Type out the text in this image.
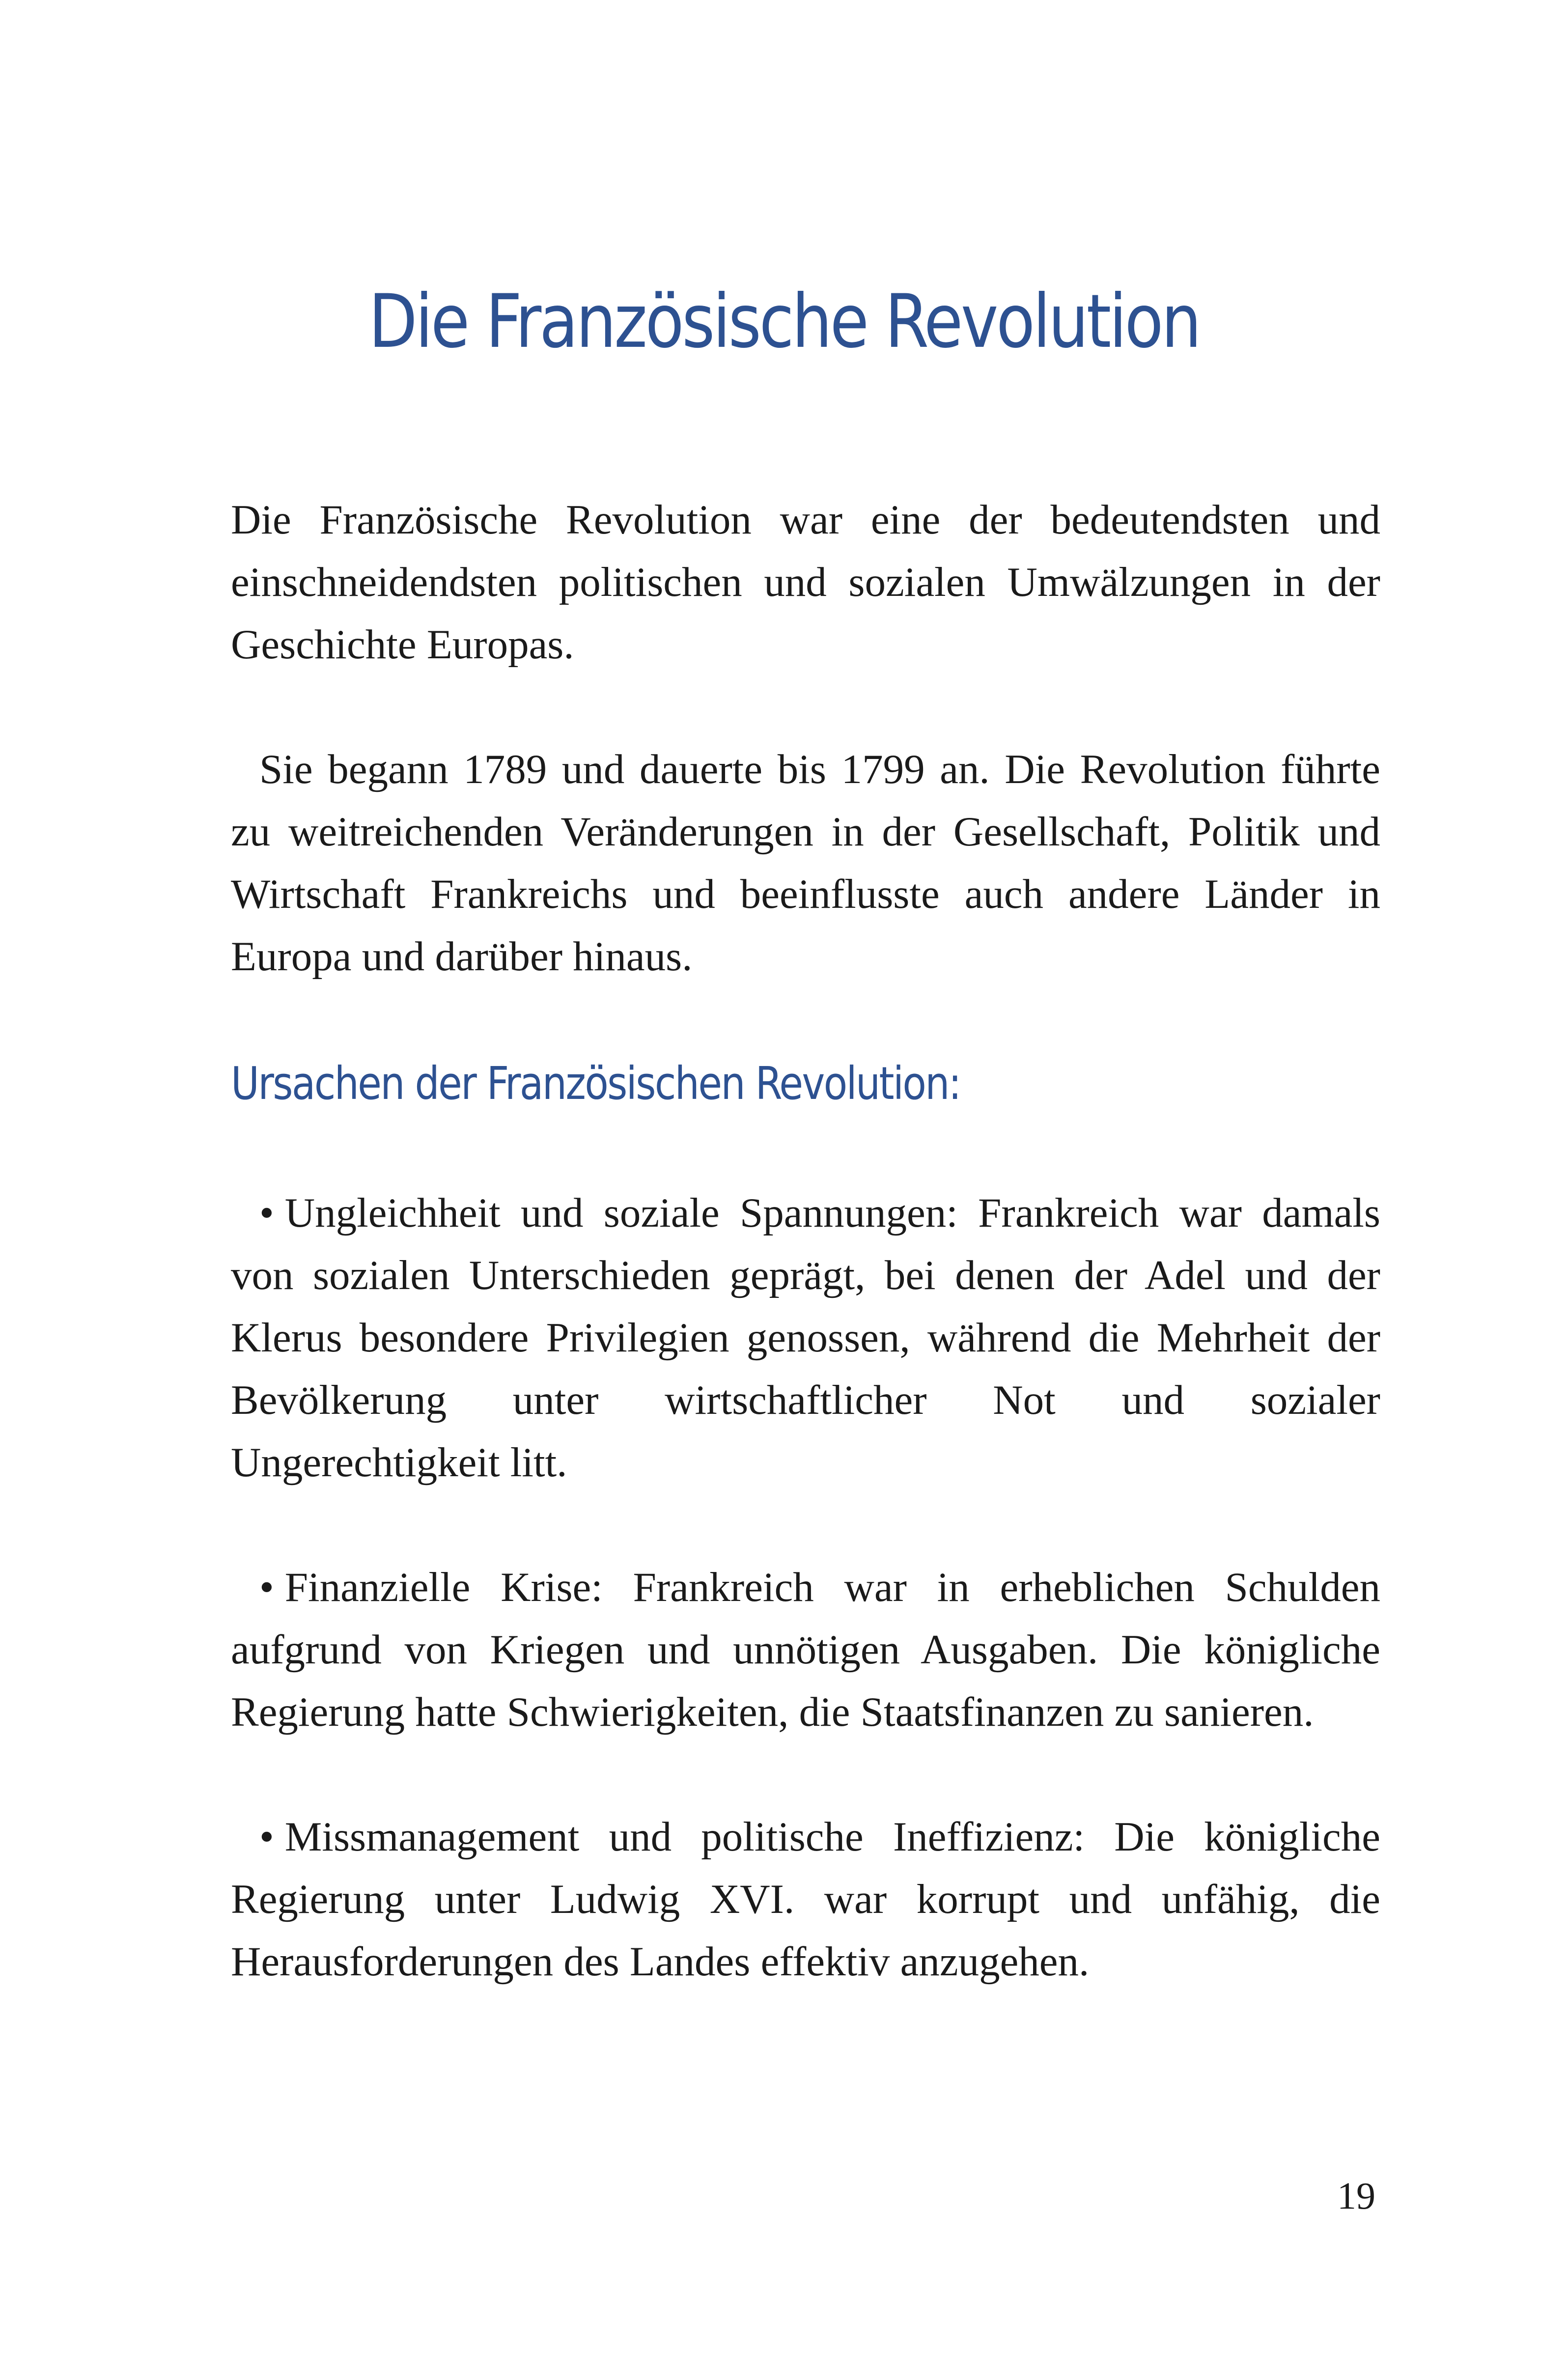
Die Französische Revolution

Die Französische Revolution war eine der bedeutendsten und einschneidendsten politischen und sozialen Umwälzungen in der Geschichte Europas.

Sie begann 1789 und dauerte bis 1799 an. Die Revolution führte zu weitreichenden Veränderungen in der Gesellschaft, Politik und Wirtschaft Frankreichs und beeinflusste auch andere Länder in Europa und darüber hinaus.

Ursachen der Französischen Revolution:

• Ungleichheit und soziale Spannungen: Frankreich war damals von sozialen Unterschieden geprägt, bei denen der Adel und der Klerus besondere Privilegien genossen, während die Mehrheit der Bevölkerung unter wirtschaftlicher Not und sozialer Ungerechtigkeit litt.

• Finanzielle Krise: Frankreich war in erheblichen Schulden aufgrund von Kriegen und unnötigen Ausgaben. Die königliche Regierung hatte Schwierigkeiten, die Staatsfinanzen zu sanieren.

• Missmanagement und politische Ineffizienz: Die königliche Regierung unter Ludwig XVI. war korrupt und unfähig, die Herausforderungen des Landes effektiv anzugehen.

19
